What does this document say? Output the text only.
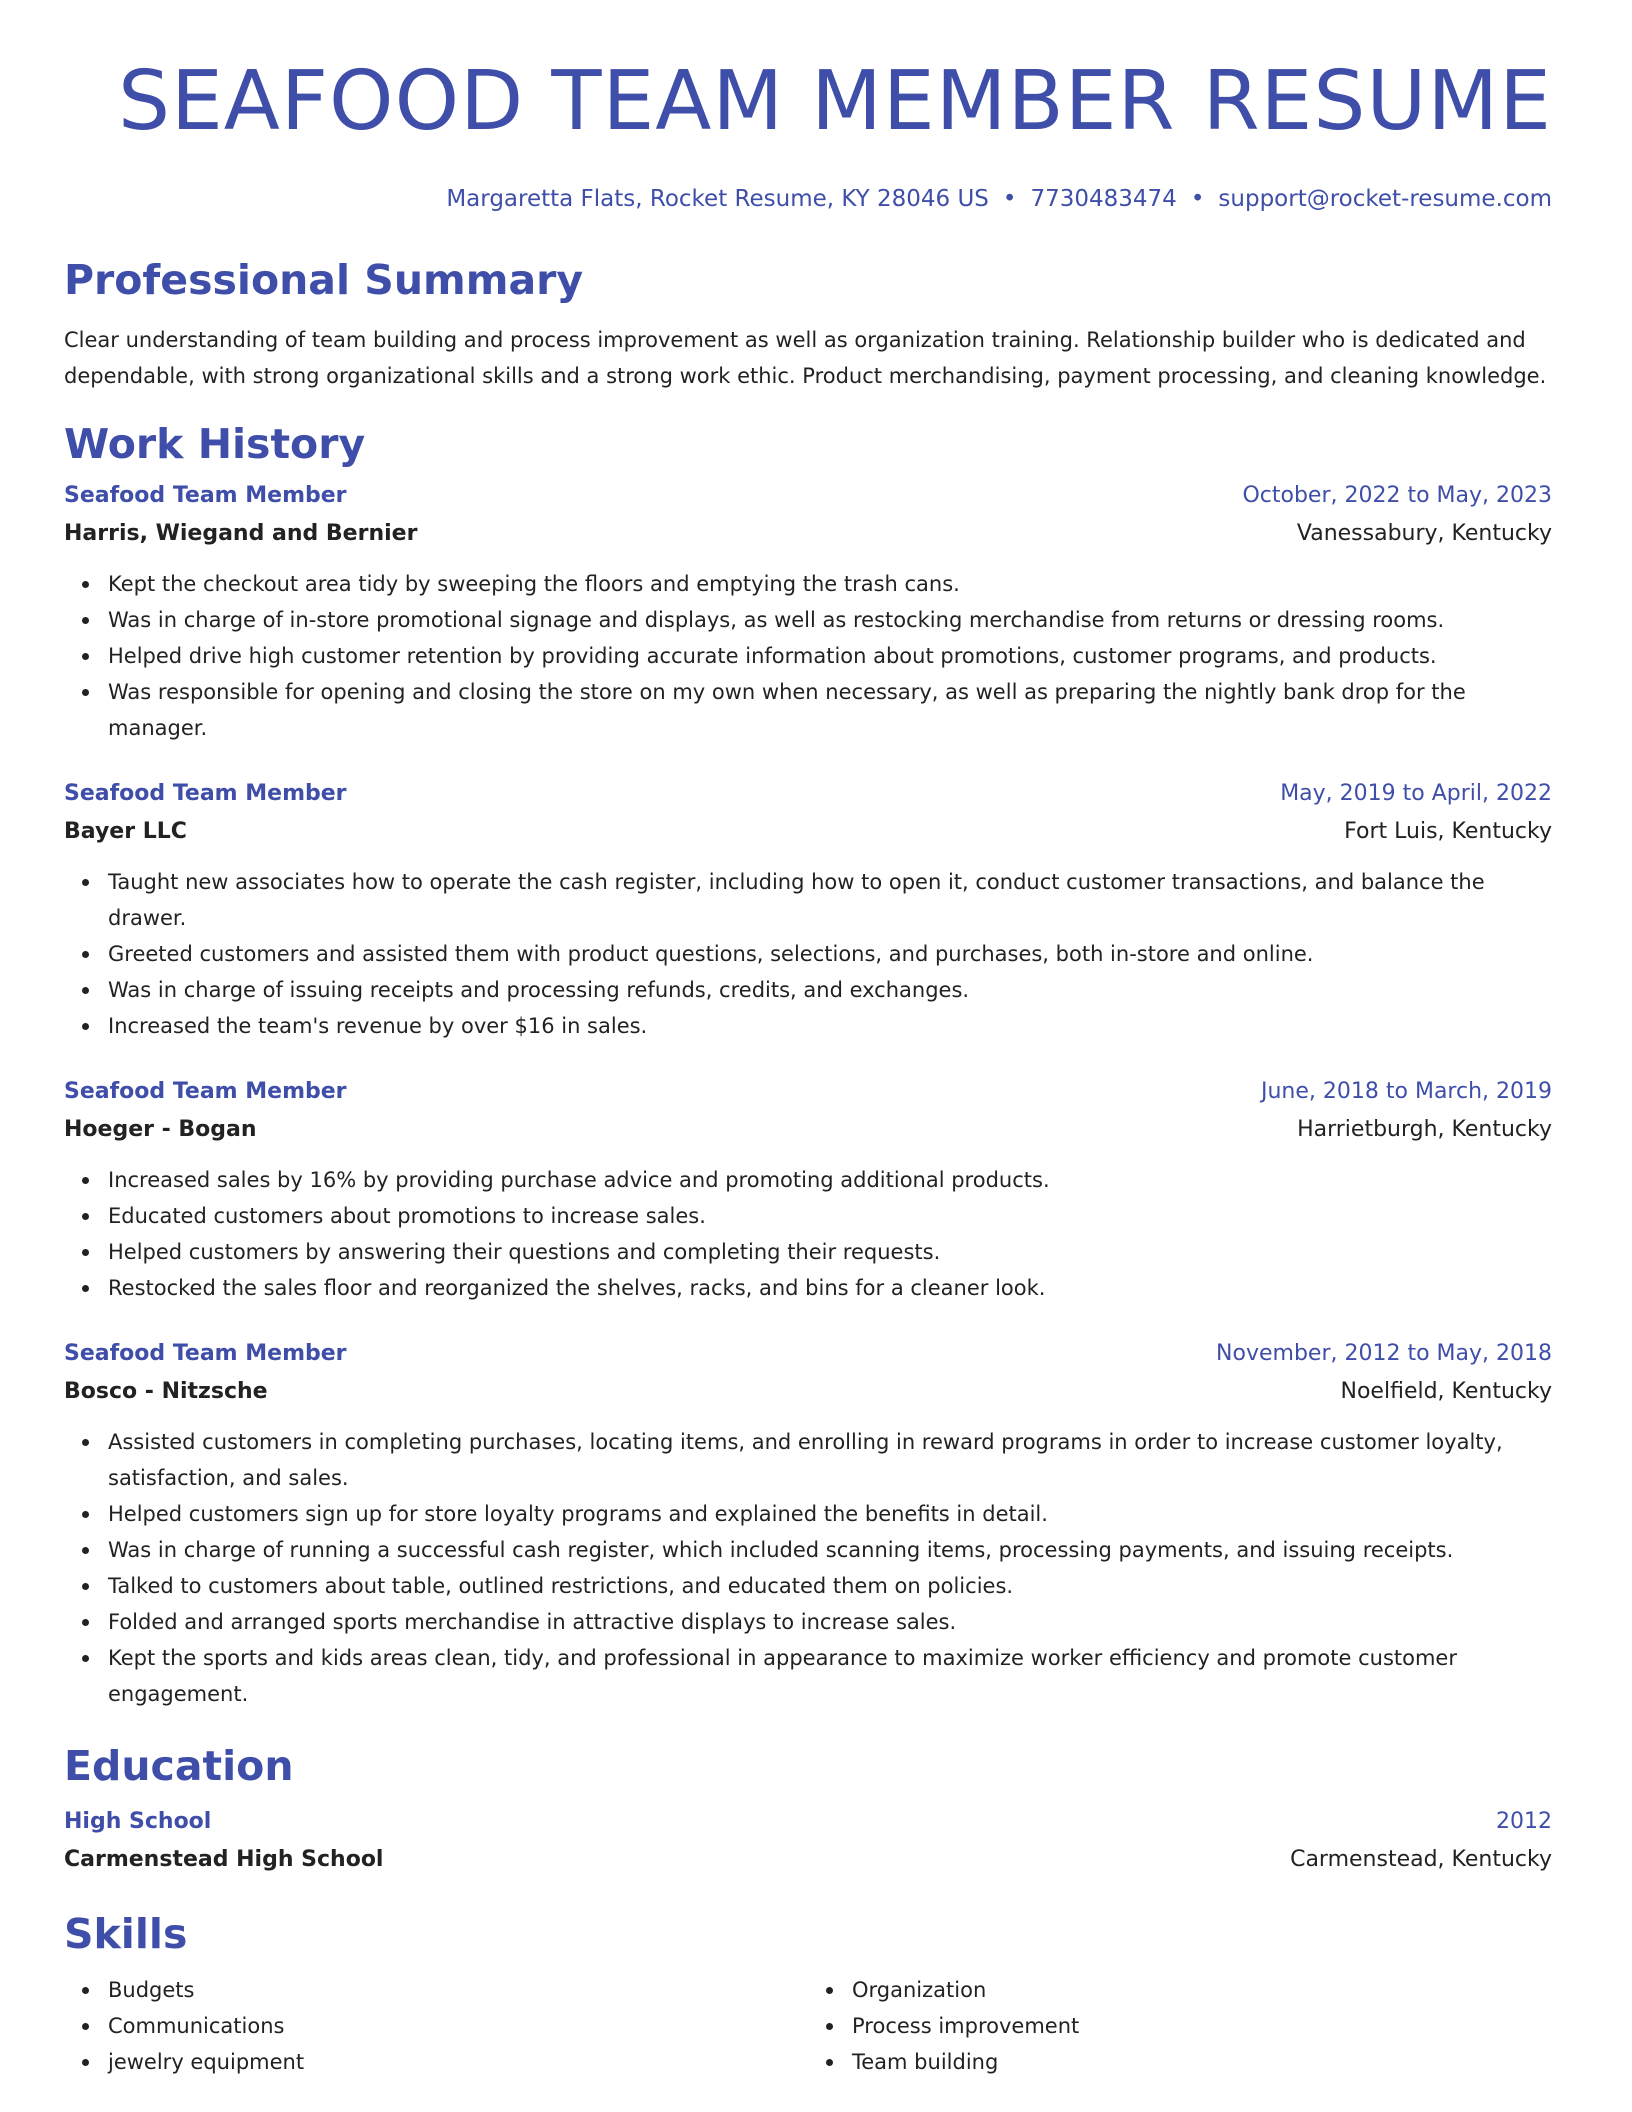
SEAFOOD TEAM MEMBER RESUME
Margaretta Flats, Rocket Resume, KY 28046 US • 7730483474 • support@rocket-resume.com
Professional Summary
Clear understanding of team building and process improvement as well as organization training. Relationship builder who is dedicated and dependable, with strong organizational skills and a strong work ethic. Product merchandising, payment processing, and cleaning knowledge.
Work History
Seafood Team Member	October, 2022 to May, 2023
Harris, Wiegand and Bernier	Vanessabury, Kentucky
Kept the checkout area tidy by sweeping the floors and emptying the trash cans.
Was in charge of in-store promotional signage and displays, as well as restocking merchandise from returns or dressing rooms.
Helped drive high customer retention by providing accurate information about promotions, customer programs, and products.
Was responsible for opening and closing the store on my own when necessary, as well as preparing the nightly bank drop for the manager.
Seafood Team Member	May, 2019 to April, 2022
Bayer LLC	Fort Luis, Kentucky
Taught new associates how to operate the cash register, including how to open it, conduct customer transactions, and balance the drawer.
Greeted customers and assisted them with product questions, selections, and purchases, both in-store and online.
Was in charge of issuing receipts and processing refunds, credits, and exchanges.
Increased the team's revenue by over $16 in sales.
Seafood Team Member	June, 2018 to March, 2019
Hoeger - Bogan	Harrietburgh, Kentucky
Increased sales by 16% by providing purchase advice and promoting additional products.
Educated customers about promotions to increase sales.
Helped customers by answering their questions and completing their requests.
Restocked the sales floor and reorganized the shelves, racks, and bins for a cleaner look.
Seafood Team Member	November, 2012 to May, 2018
Bosco - Nitzsche	Noelfield, Kentucky
Assisted customers in completing purchases, locating items, and enrolling in reward programs in order to increase customer loyalty, satisfaction, and sales.
Helped customers sign up for store loyalty programs and explained the benefits in detail.
Was in charge of running a successful cash register, which included scanning items, processing payments, and issuing receipts.
Talked to customers about table, outlined restrictions, and educated them on policies.
Folded and arranged sports merchandise in attractive displays to increase sales.
Kept the sports and kids areas clean, tidy, and professional in appearance to maximize worker efficiency and promote customer engagement.
Education
High School	2012
Carmenstead High School	Carmenstead, Kentucky
Skills
Budgets
Communications
jewelry equipment
Organization
Process improvement
Team building
